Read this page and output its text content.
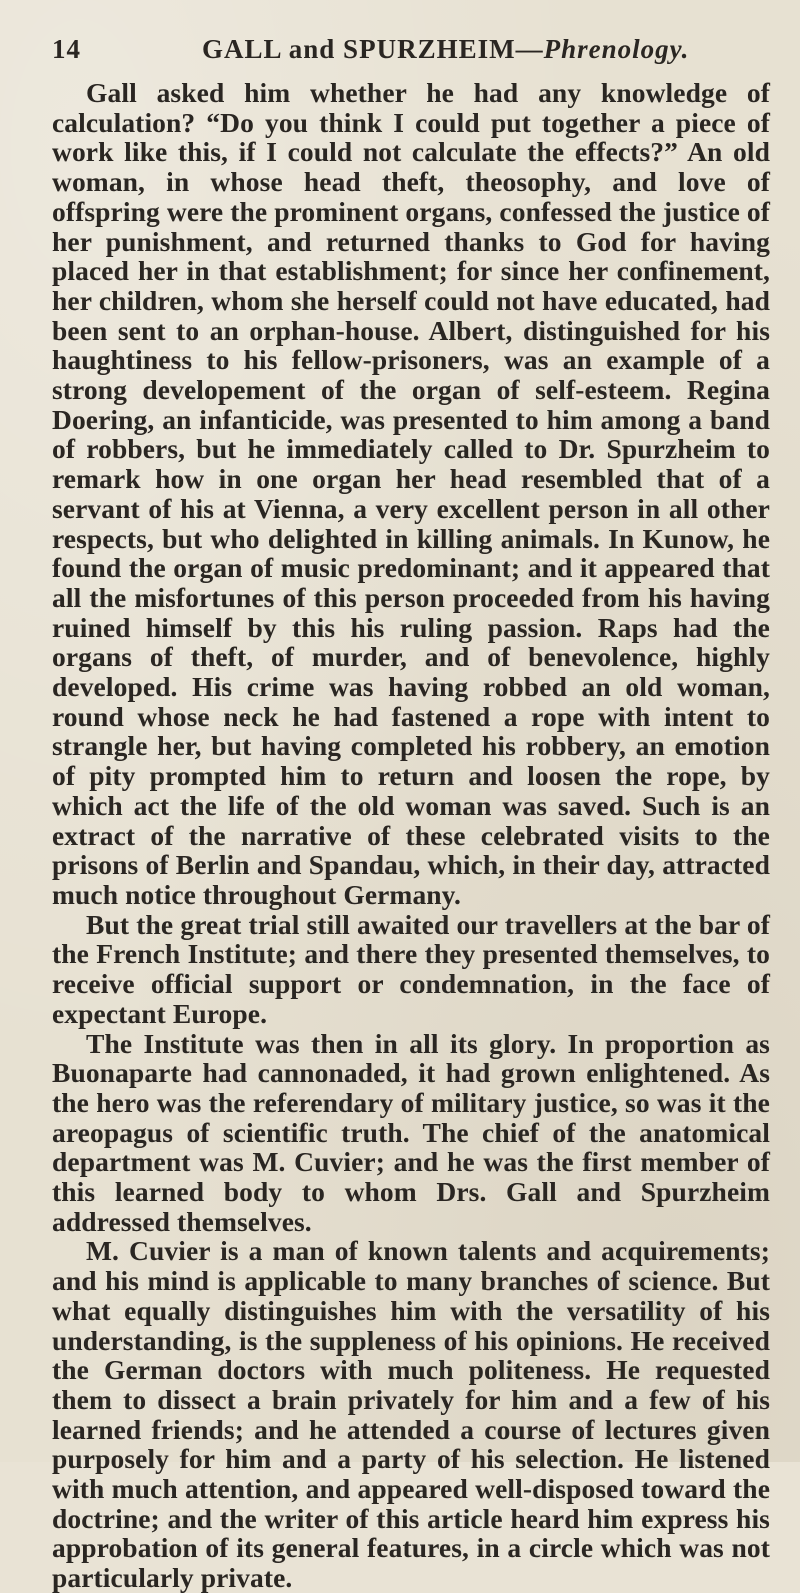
14	GALL and SPURZHEIM—Phrenology.

Gall asked him whether he had any knowledge of calculation? “Do you think I could put together a piece of work like this, if I could not calculate the effects?” An old woman, in whose head theft, theosophy, and love of offspring were the prominent organs, confessed the justice of her punishment, and returned thanks to God for having placed her in that establishment; for since her confinement, her children, whom she herself could not have educated, had been sent to an orphan-house. Albert, distinguished for his haughtiness to his fellow-prisoners, was an example of a strong developement of the organ of self-esteem. Regina Doering, an infanticide, was presented to him among a band of robbers, but he immediately called to Dr. Spurzheim to remark how in one organ her head resembled that of a servant of his at Vienna, a very excellent person in all other respects, but who delighted in killing animals. In Kunow, he found the organ of music predominant; and it appeared that all the misfortunes of this person proceeded from his having ruined himself by this his ruling passion. Raps had the organs of theft, of murder, and of benevolence, highly developed. His crime was having robbed an old woman, round whose neck he had fastened a rope with intent to strangle her, but having completed his robbery, an emotion of pity prompted him to return and loosen the rope, by which act the life of the old woman was saved. Such is an extract of the narrative of these celebrated visits to the prisons of Berlin and Spandau, which, in their day, attracted much notice throughout Germany.

But the great trial still awaited our travellers at the bar of the French Institute; and there they presented themselves, to receive official support or condemnation, in the face of expectant Europe.

The Institute was then in all its glory. In proportion as Buonaparte had cannonaded, it had grown enlightened. As the hero was the referendary of military justice, so was it the areopagus of scientific truth. The chief of the anatomical department was M. Cuvier; and he was the first member of this learned body to whom Drs. Gall and Spurzheim addressed themselves.

M. Cuvier is a man of known talents and acquirements; and his mind is applicable to many branches of science. But what equally distinguishes him with the versatility of his understanding, is the suppleness of his opinions. He received the German doctors with much politeness. He requested them to dissect a brain privately for him and a few of his learned friends; and he attended a course of lectures given purposely for him and a party of his selection. He listened with much attention, and appeared well-disposed toward the doctrine; and the writer of this article heard him express his approbation of its general features, in a circle which was not particularly private.
